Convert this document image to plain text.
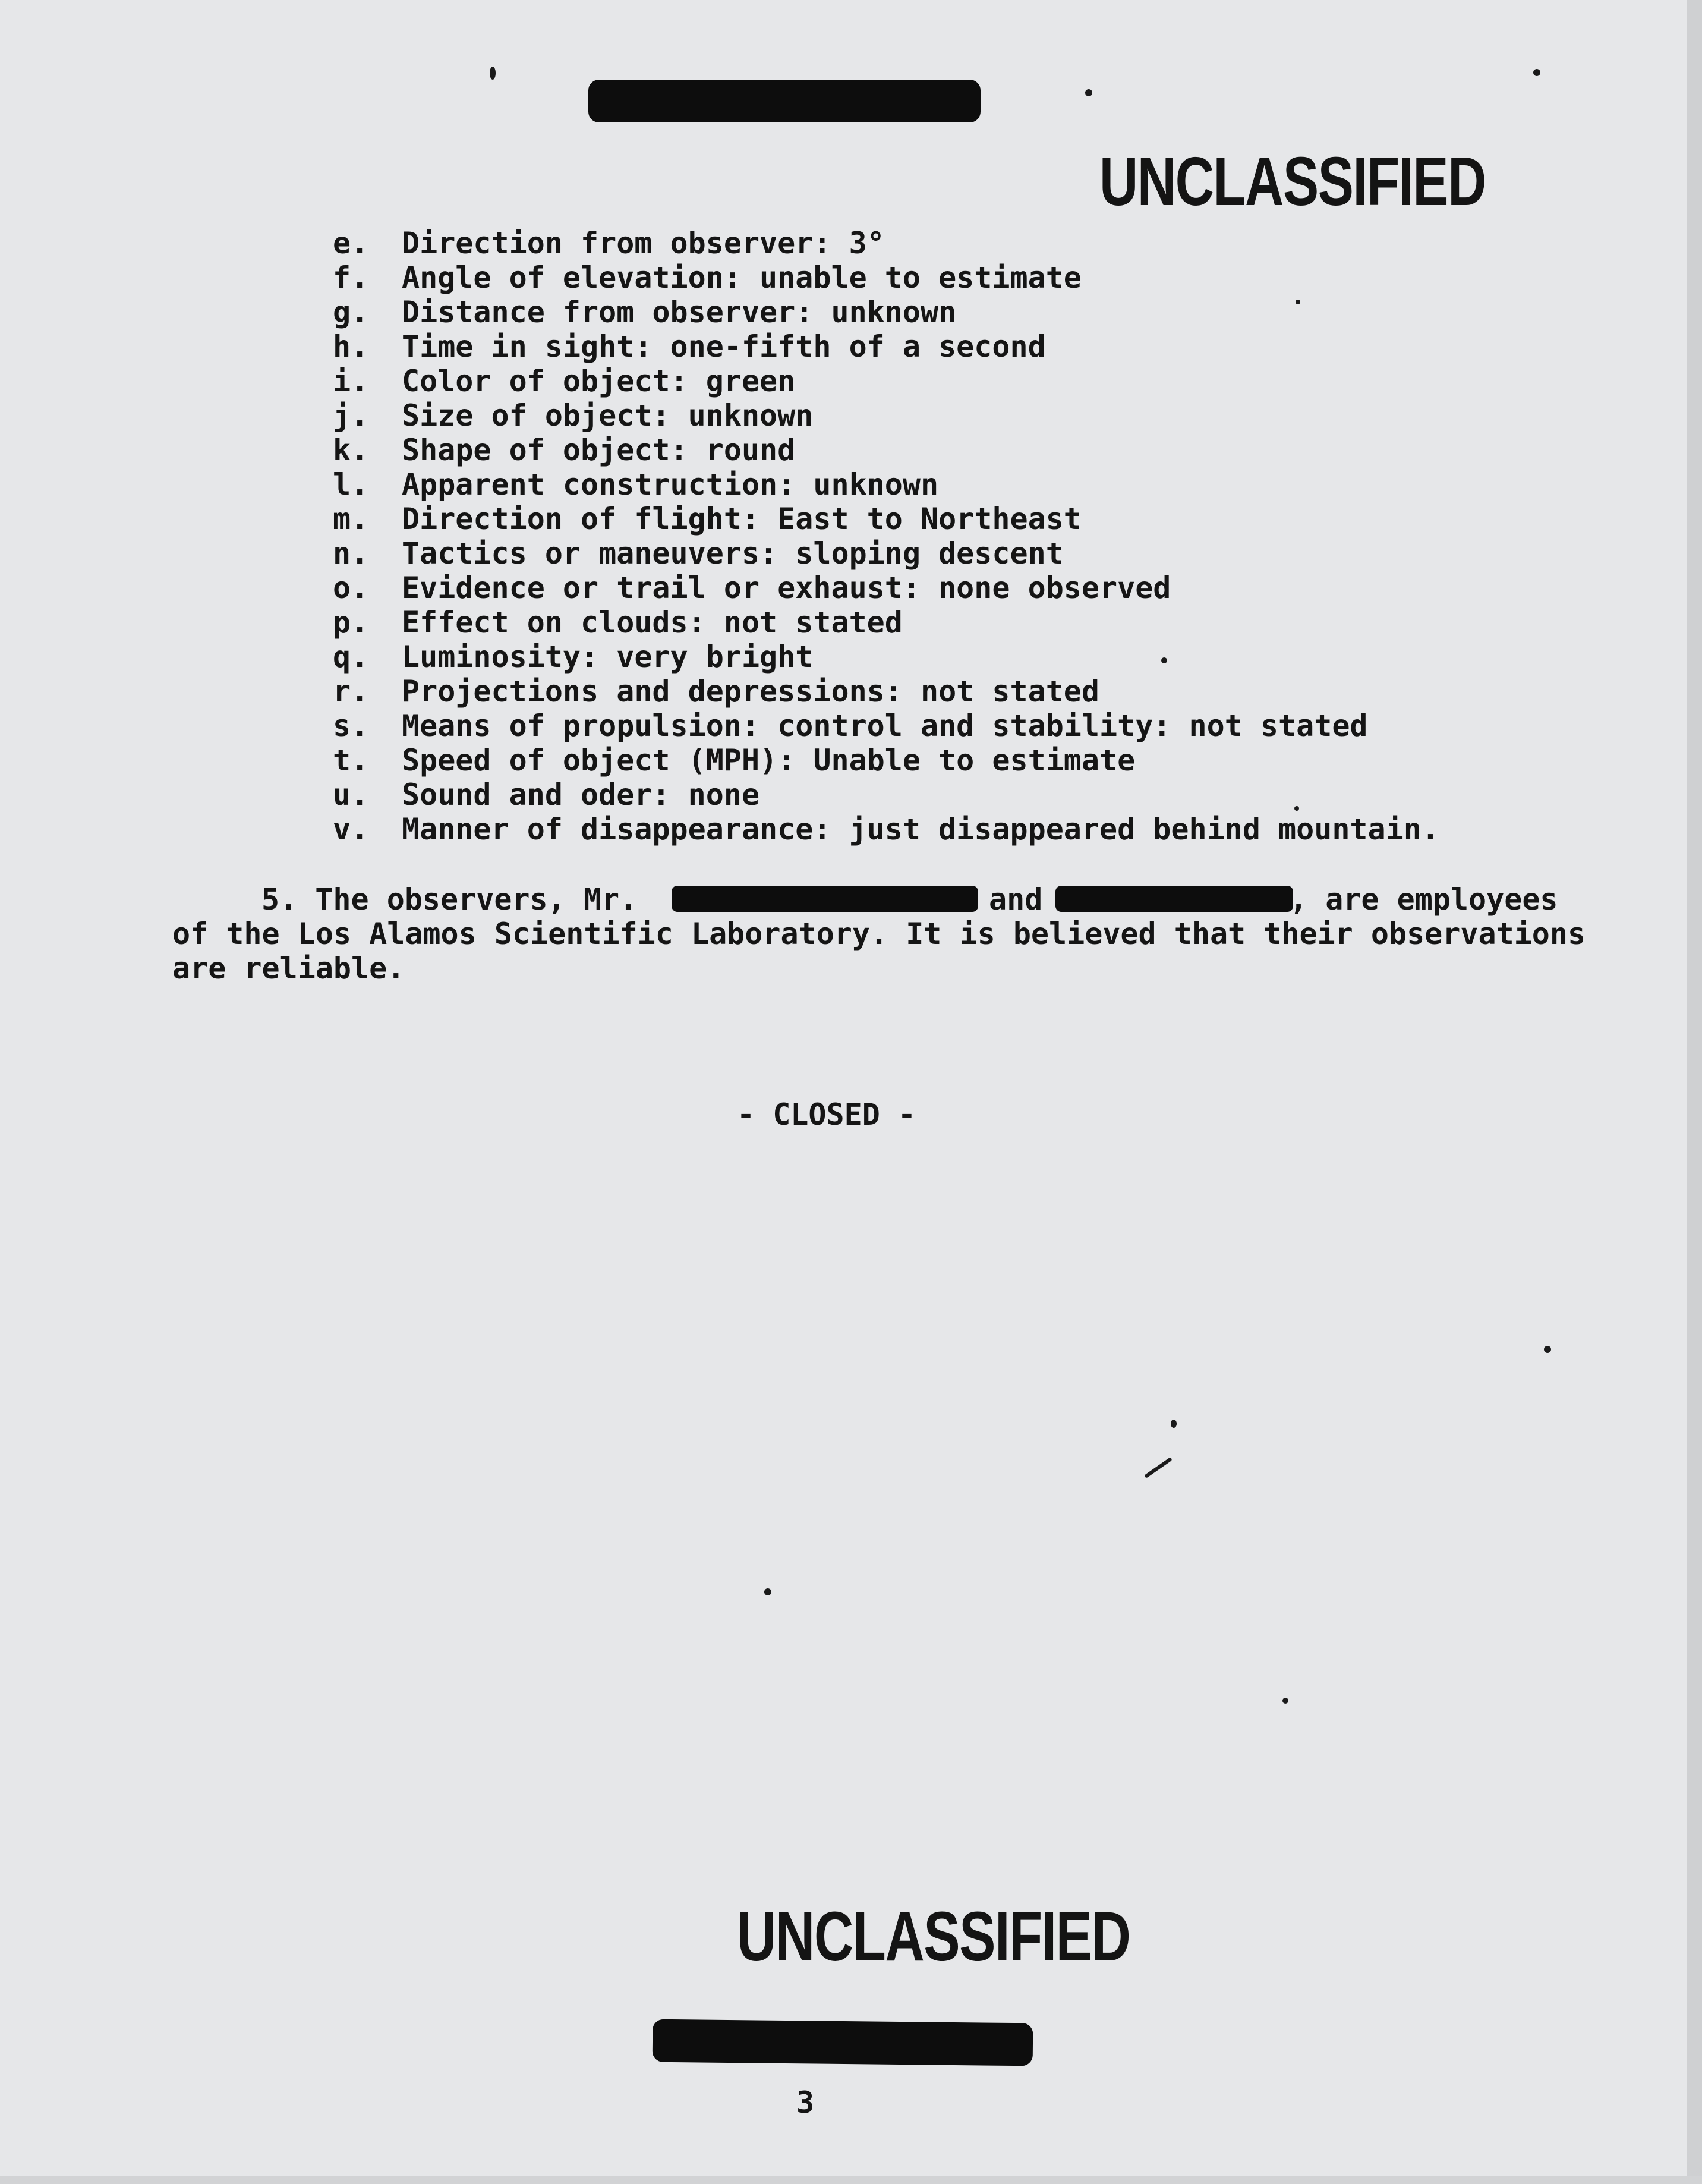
UNCLASSIFIED
e. Direction from observer: 3°
f. Angle of elevation: unable to estimate
g. Distance from observer: unknown
h. Time in sight: one-fifth of a second
i. Color of object: green
j. Size of object: unknown
k. Shape of object: round
l. Apparent construction: unknown
m. Direction of flight: East to Northeast
n. Tactics or maneuvers: sloping descent
o. Evidence or trail or exhaust: none observed
p. Effect on clouds: not stated
q. Luminosity: very bright
r. Projections and depressions: not stated
s. Means of propulsion: control and stability: not stated
t. Speed of object (MPH): Unable to estimate
u. Sound and oder: none
v. Manner of disappearance: just disappeared behind mountain.
5. The observers, Mr.	and	, are employees
of the Los Alamos Scientific Laboratory. It is believed that their observations
are reliable.
- CLOSED -
UNCLASSIFIED
3
